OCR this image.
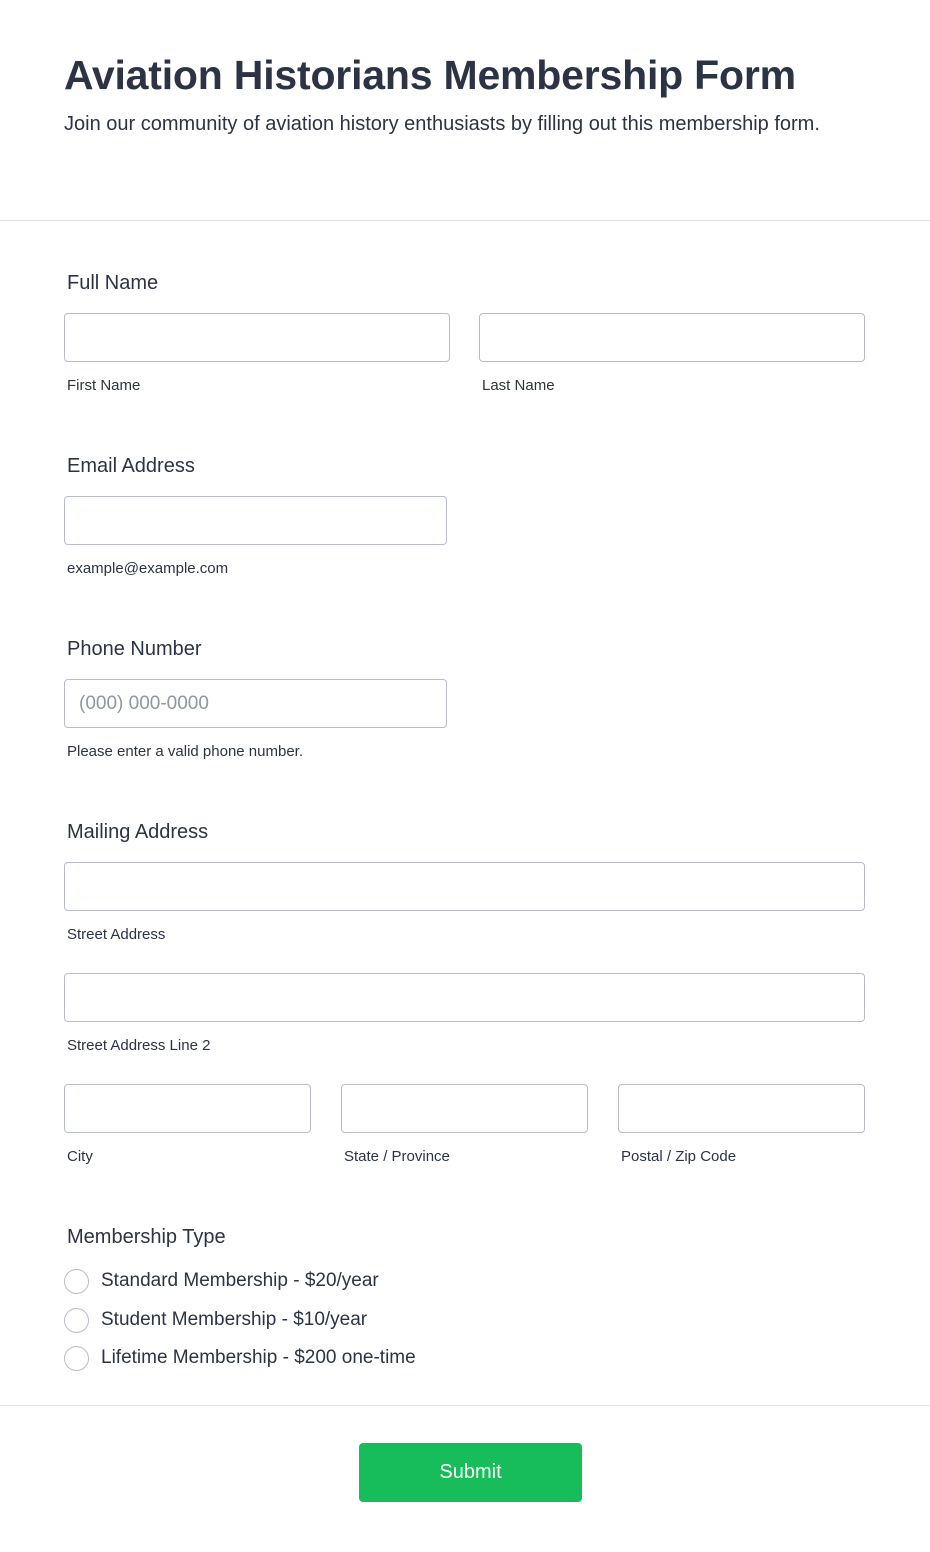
Aviation Historians Membership Form

Join our community of aviation history enthusiasts by filling out this membership form.

Full Name
First Name	Last Name
Email Address
example@example.com
Phone Number
(000) 000-0000
Please enter a valid phone number.
Mailing Address
Street Address
Street Address Line 2
City	State / Province	Postal / Zip Code
Membership Type
Standard Membership - $20/year
Student Membership - $10/year
Lifetime Membership - $200 one-time
Submit
